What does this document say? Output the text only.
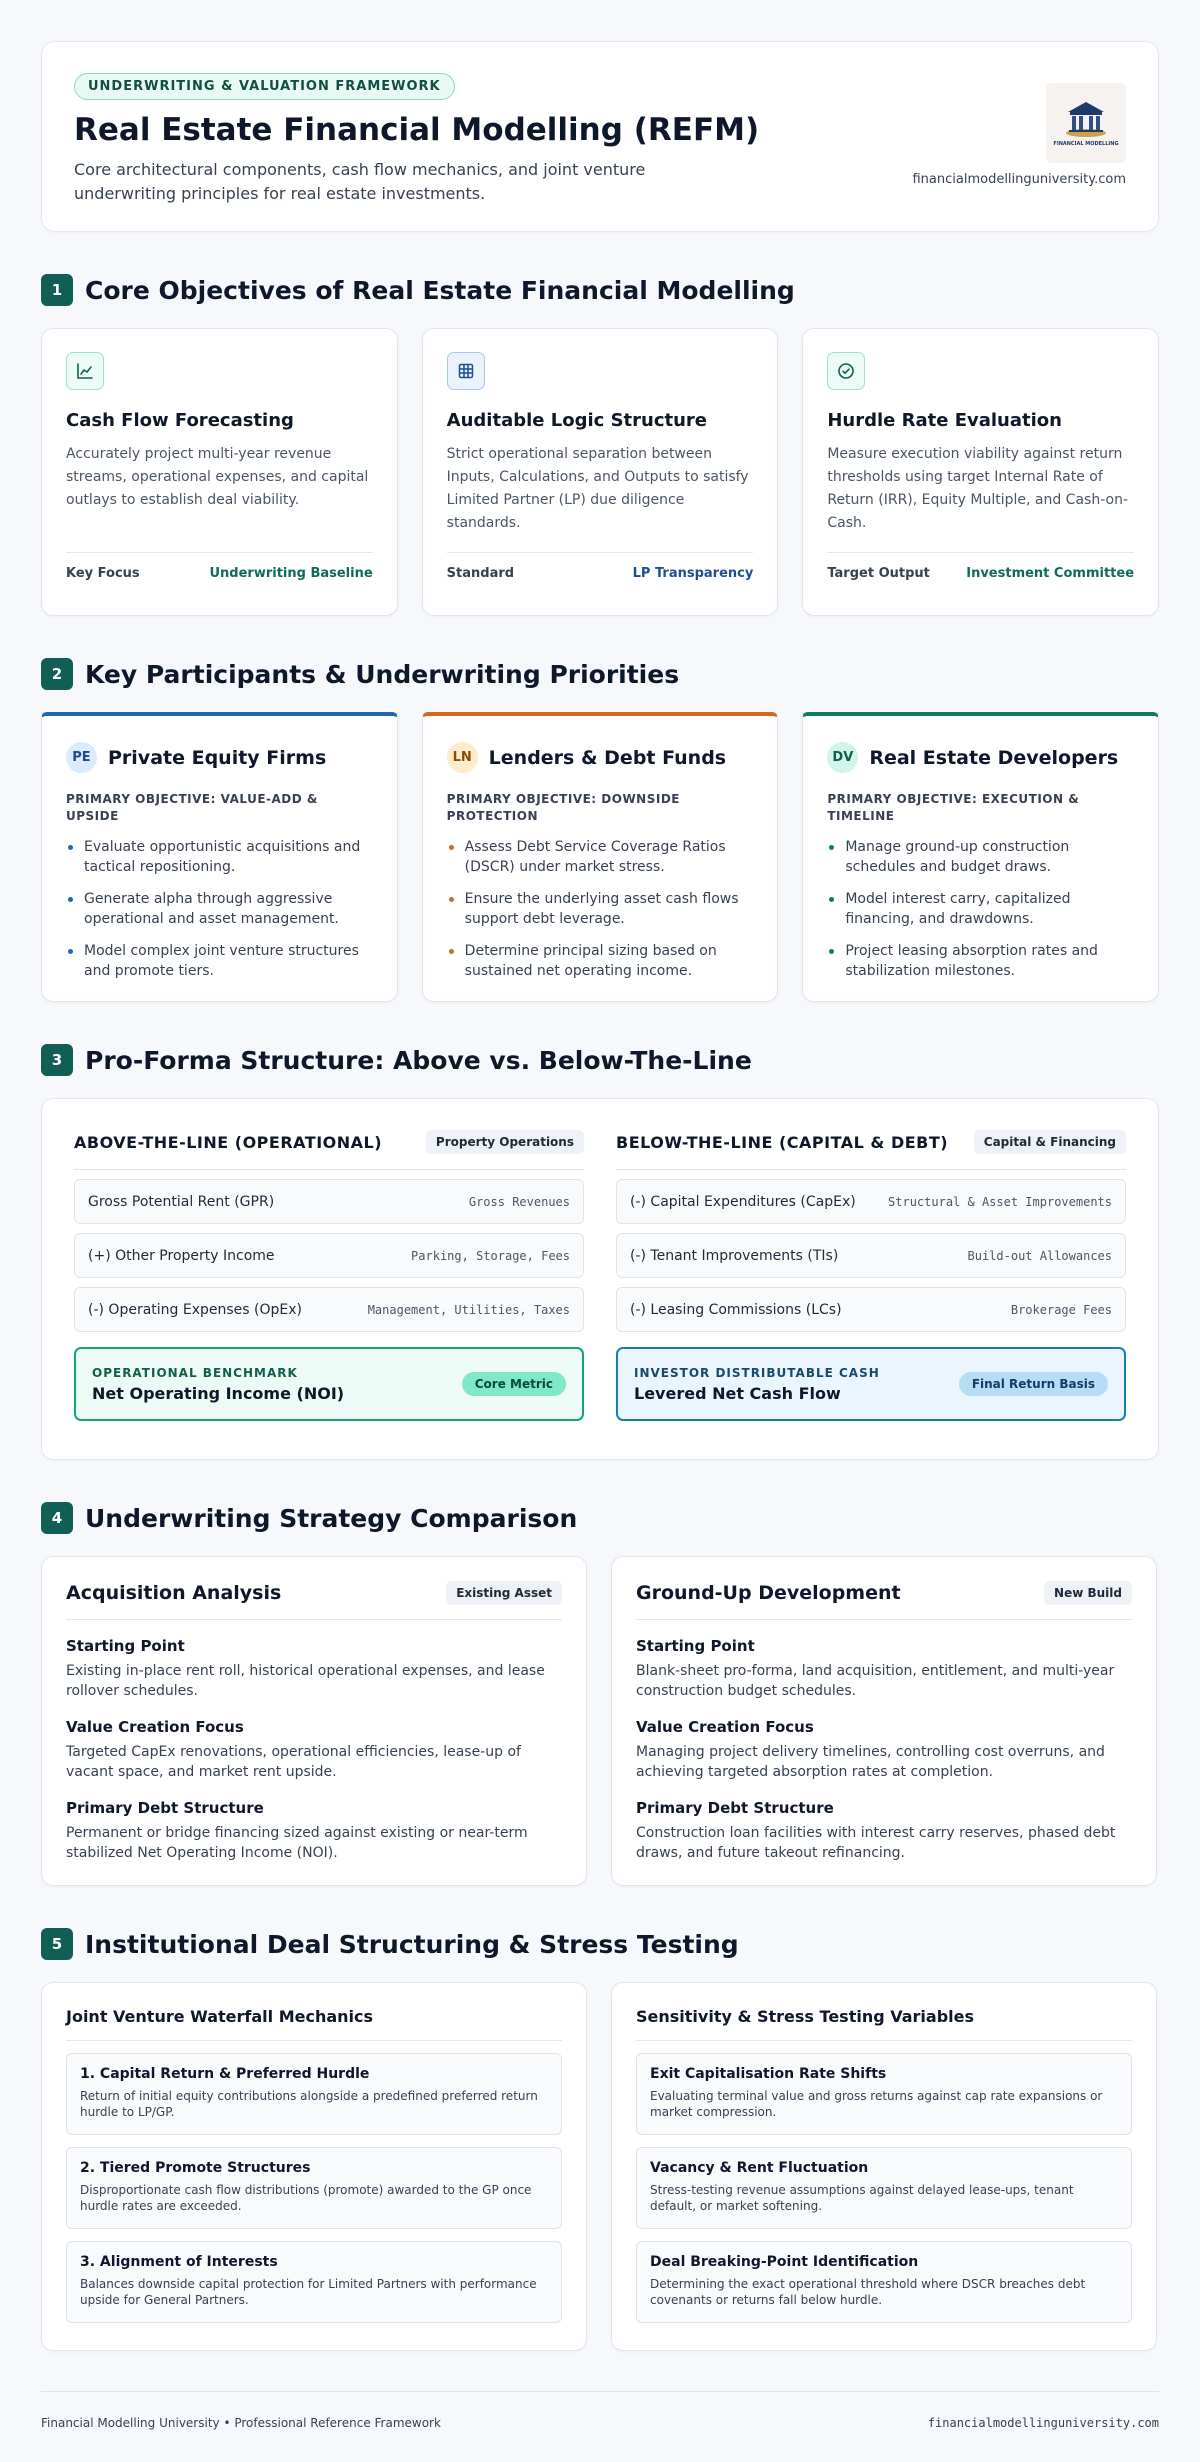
UNDERWRITING & VALUATION FRAMEWORK
Real Estate Financial Modelling (REFM)

Core architectural components, cash flow mechanics, and joint venture underwriting principles for real estate investments.

FINANCIAL MODELLING
financialmodellinguniversity.com
1 Core Objectives of Real Estate Financial Modelling
Cash Flow Forecasting

Accurately project multi-year revenue streams, operational expenses, and capital outlays to establish deal viability.

Key Focus	Underwriting Baseline
Auditable Logic Structure

Strict operational separation between Inputs, Calculations, and Outputs to satisfy Limited Partner (LP) due diligence standards.

Standard	LP Transparency
Hurdle Rate Evaluation

Measure execution viability against return thresholds using target Internal Rate of Return (IRR), Equity Multiple, and Cash-on-Cash.

Target Output	Investment Committee
2 Key Participants & Underwriting Priorities
PE Private Equity Firms

PRIMARY OBJECTIVE: VALUE-ADD & UPSIDE

Evaluate opportunistic acquisitions and tactical repositioning.
Generate alpha through aggressive operational and asset management.
Model complex joint venture structures and promote tiers.
LN Lenders & Debt Funds

PRIMARY OBJECTIVE: DOWNSIDE PROTECTION

Assess Debt Service Coverage Ratios (DSCR) under market stress.
Ensure the underlying asset cash flows support debt leverage.
Determine principal sizing based on sustained net operating income.
DV Real Estate Developers

PRIMARY OBJECTIVE: EXECUTION & TIMELINE

Manage ground-up construction schedules and budget draws.
Model interest carry, capitalized financing, and drawdowns.
Project leasing absorption rates and stabilization milestones.
3 Pro-Forma Structure: Above vs. Below-The-Line
ABOVE-THE-LINE (OPERATIONAL)	Property Operations
Gross Potential Rent (GPR)	Gross Revenues
(+) Other Property Income	Parking, Storage, Fees
(-) Operating Expenses (OpEx)	Management, Utilities, Taxes
OPERATIONAL BENCHMARK
Net Operating Income (NOI)	Core Metric
BELOW-THE-LINE (CAPITAL & DEBT)	Capital & Financing
(-) Capital Expenditures (CapEx)	Structural & Asset Improvements
(-) Tenant Improvements (TIs)	Build-out Allowances
(-) Leasing Commissions (LCs)	Brokerage Fees
INVESTOR DISTRIBUTABLE CASH
Levered Net Cash Flow	Final Return Basis
4 Underwriting Strategy Comparison
Acquisition Analysis	Existing Asset
Starting Point
Existing in-place rent roll, historical operational expenses, and lease rollover schedules.
Value Creation Focus
Targeted CapEx renovations, operational efficiencies, lease-up of vacant space, and market rent upside.
Primary Debt Structure
Permanent or bridge financing sized against existing or near-term stabilized Net Operating Income (NOI).
Ground-Up Development	New Build
Starting Point
Blank-sheet pro-forma, land acquisition, entitlement, and multi-year construction budget schedules.
Value Creation Focus
Managing project delivery timelines, controlling cost overruns, and achieving targeted absorption rates at completion.
Primary Debt Structure
Construction loan facilities with interest carry reserves, phased debt draws, and future takeout refinancing.
5 Institutional Deal Structuring & Stress Testing
Joint Venture Waterfall Mechanics
1. Capital Return & Preferred Hurdle
Return of initial equity contributions alongside a predefined preferred return hurdle to LP/GP.
2. Tiered Promote Structures
Disproportionate cash flow distributions (promote) awarded to the GP once hurdle rates are exceeded.
3. Alignment of Interests
Balances downside capital protection for Limited Partners with performance upside for General Partners.
Sensitivity & Stress Testing Variables
Exit Capitalisation Rate Shifts
Evaluating terminal value and gross returns against cap rate expansions or market compression.
Vacancy & Rent Fluctuation
Stress-testing revenue assumptions against delayed lease-ups, tenant default, or market softening.
Deal Breaking-Point Identification
Determining the exact operational threshold where DSCR breaches debt covenants or returns fall below hurdle.
Financial Modelling University • Professional Reference Framework	financialmodellinguniversity.com
